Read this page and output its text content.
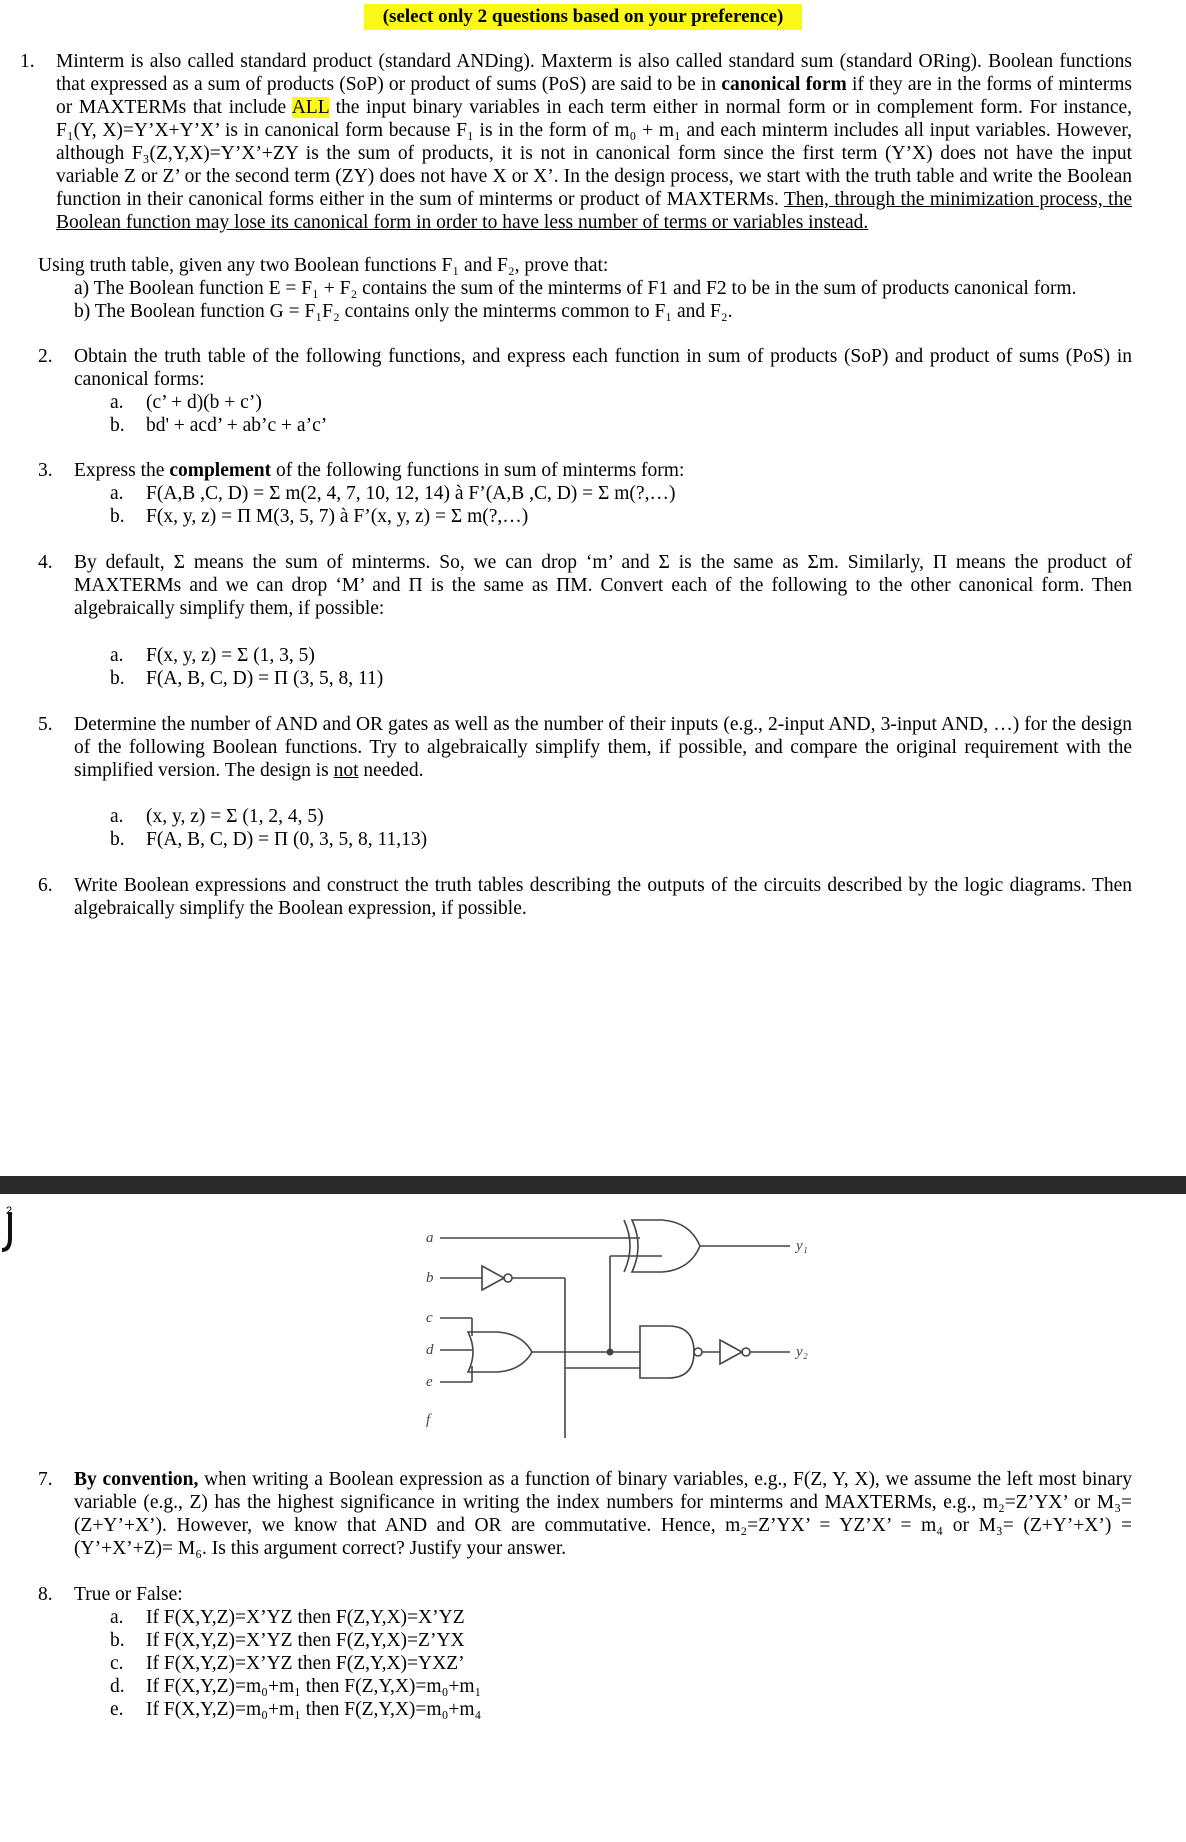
(select only 2 questions based on your preference)
1. Minterm is also called standard product (standard ANDing). Maxterm is also called standard sum (standard ORing). Boolean functions that expressed as a sum of products (SoP) or product of sums (PoS) are said to be in canonical form if they are in the forms of minterms or MAXTERMs that include ALL the input binary variables in each term either in normal form or in complement form. For instance, F₁(Y, X)=Y’X+Y’X’ is in canonical form because F₁ is in the form of m₀ + m₁ and each minterm includes all input variables. However, although F₃(Z,Y,X)=Y’X’+ZY is the sum of products, it is not in canonical form since the first term (Y’X) does not have the input variable Z or Z’ or the second term (ZY) does not have X or X’. In the design process, we start with the truth table and write the Boolean function in their canonical forms either in the sum of minterms or product of MAXTERMs. Then, through the minimization process, the Boolean function may lose its canonical form in order to have less number of terms or variables instead.
Using truth table, given any two Boolean functions F₁ and F₂, prove that:
a) The Boolean function E = F₁ + F₂ contains the sum of the minterms of F1 and F2 to be in the sum of products canonical form.
b) The Boolean function G = F₁F₂ contains only the minterms common to F₁ and F₂.
2. Obtain the truth table of the following functions, and express each function in sum of products (SoP) and product of sums (PoS) in canonical forms:
a.	(c’ + d)(b + c’)
b.	bd' + acd’ + ab’c + a’c’
3. Express the complement of the following functions in sum of minterms form:
a.	F(A,B ,C, D) = Σ m(2, 4, 7, 10, 12, 14) à F’(A,B ,C, D) = Σ m(?,…)
b.	F(x, y, z) = Π M(3, 5, 7) à F’(x, y, z) = Σ m(?,…)
4. By default, Σ means the sum of minterms. So, we can drop ‘m’ and Σ is the same as Σm. Similarly, Π means the product of MAXTERMs and we can drop ‘M’ and Π is the same as ΠM. Convert each of the following to the other canonical form. Then algebraically simplify them, if possible:
a.	F(x, y, z) = Σ (1, 3, 5)
b.	F(A, B, C, D) = Π (3, 5, 8, 11)
5. Determine the number of AND and OR gates as well as the number of their inputs (e.g., 2-input AND, 3-input AND, …) for the design of the following Boolean functions. Try to algebraically simplify them, if possible, and compare the original requirement with the simplified version. The design is not needed.
a.	(x, y, z) = Σ (1, 2, 4, 5)
b.	F(A, B, C, D) = Π (0, 3, 5, 8, 11,13)
6. Write Boolean expressions and construct the truth tables describing the outputs of the circuits described by the logic diagrams. Then algebraically simplify the Boolean expression, if possible.
2
a
b
c
d
e
f
y₁
y₂
7. By convention, when writing a Boolean expression as a function of binary variables, e.g., F(Z, Y, X), we assume the left most binary variable (e.g., Z) has the highest significance in writing the index numbers for minterms and MAXTERMs, e.g., m₂=Z’YX’ or M₃=(Z+Y’+X’). However, we know that AND and OR are commutative. Hence, m₂=Z’YX’ = YZ’X’ = m₄ or M₃= (Z+Y’+X’) = (Y’+X’+Z)= M₆. Is this argument correct? Justify your answer.
8. True or False:
a.	If F(X,Y,Z)=X’YZ then F(Z,Y,X)=X’YZ
b.	If F(X,Y,Z)=X’YZ then F(Z,Y,X)=Z’YX
c.	If F(X,Y,Z)=X’YZ then F(Z,Y,X)=YXZ’
d.	If F(X,Y,Z)=m₀+m₁ then F(Z,Y,X)=m₀+m₁
e.	If F(X,Y,Z)=m₀+m₁ then F(Z,Y,X)=m₀+m₄
